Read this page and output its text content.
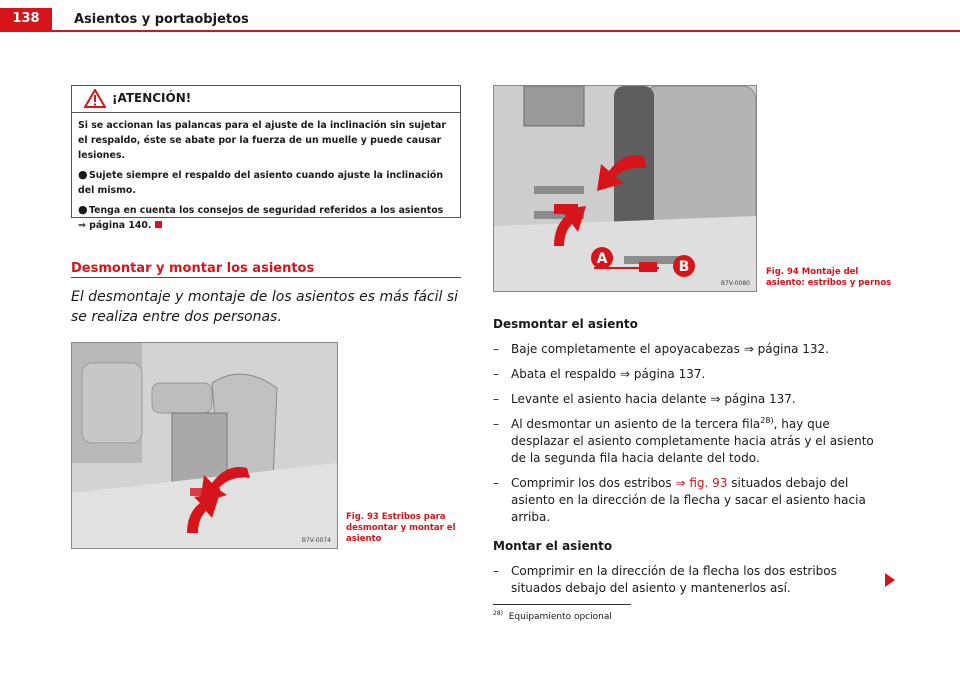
138	Asientos y portaobjetos
¡ATENCIÓN!

Si se accionan las palancas para el ajuste de la inclinación sin sujetar el respaldo, éste se abate por la fuerza de un muelle y puede causar lesiones.

●Sujete siempre el respaldo del asiento cuando ajuste la inclinación del mismo.

●Tenga en cuenta los consejos de seguridad referidos a los asientos
⇒ página 140.

Desmontar y montar los asientos
El desmontaje y montaje de los asientos es más fácil si se realiza entre dos personas.
B7V-0074
Fig. 93 Estribos para desmontar y montar el asiento
A	B
B7V-0080
Fig. 94 Montaje del asiento: estribos y pernos

Desmontar el asiento

– Baje completamente el apoyacabezas ⇒ página 132.

– Abata el respaldo ⇒ página 137.

– Levante el asiento hacia delante ⇒ página 137.

– Al desmontar un asiento de la tercera fila$^{28)}$, hay que desplazar el asiento completamente hacia atrás y el asiento de la segunda fila hacia delante del todo.

– Comprimir los dos estribos ⇒ fig. 93 situados debajo del asiento en la dirección de la flecha y sacar el asiento hacia arriba.

Montar el asiento

– Comprimir en la dirección de la flecha los dos estribos situados debajo del asiento y mantenerlos así.

$^{28)}$ Equipamiento opcional
